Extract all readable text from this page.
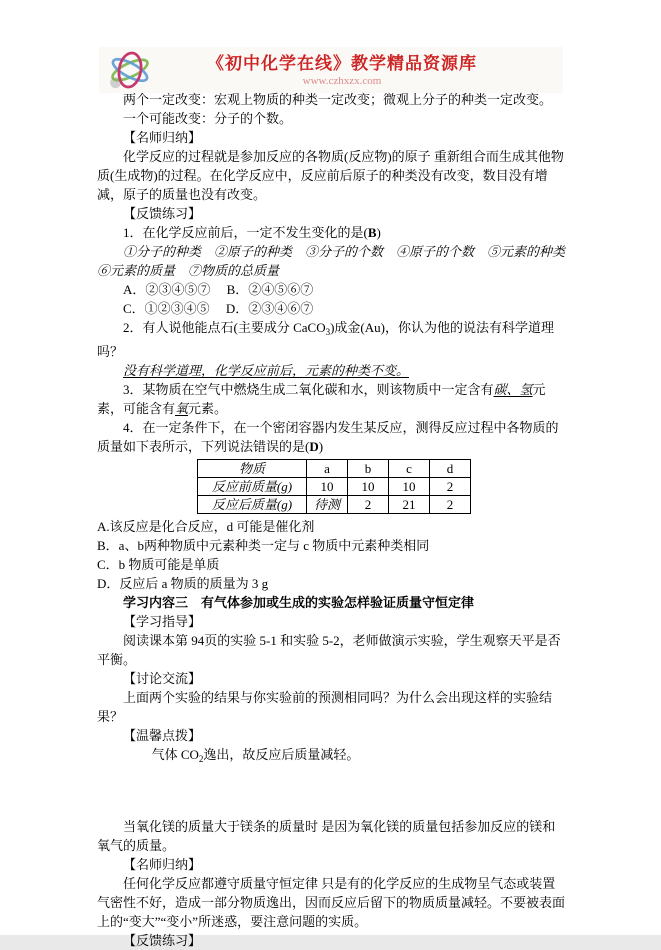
《初中化学在线》教学精品资源库
www.czhxzx.com

两个一定改变：宏观上物质的种类一定改变；微观上分子的种类一定改变。

一个可能改变：分子的个数。

【名师归纳】

化学反应的过程就是参加反应的各物质(反应物)的原子 重新组合而生成其他物质(生成物)的过程。在化学反应中，反应前后原子的种类没有改变，数目没有增减，原子的质量也没有改变。

【反馈练习】

1．在化学反应前后，一定不发生变化的是(B)

①分子的种类　②原子的种类　③分子的个数　④原子的个数　⑤元素的种类　⑥元素的质量　⑦物质的总质量

A．②③④⑤⑦　 B．②④⑤⑥⑦

C．①②③④⑤　 D．②③④⑥⑦

2．有人说他能点石(主要成分 CaCO$_3$)成金(Au)，你认为他的说法有科学道理吗？

没有科学道理，化学反应前后，元素的种类不变。

3．某物质在空气中燃烧生成二氧化碳和水，则该物质中一定含有碳、氢元素，可能含有氧元素。

4．在一定条件下，在一个密闭容器内发生某反应，测得反应过程中各物质的质量如下表所示，下列说法错误的是(D)

物质	a	b	c	d
反应前质量(g)	10	10	10	2
反应后质量(g)	待测	2	21	2

A.该反应是化合反应，d 可能是催化剂

B．a、b两种物质中元素种类一定与 c 物质中元素种类相同

C．b 物质可能是单质

D．反应后 a 物质的质量为 3 g

学习内容三　有气体参加或生成的实验怎样验证质量守恒定律

【学习指导】

阅读课本第 94页的实验 5-1 和实验 5-2，老师做演示实验，学生观察天平是否平衡。

【讨论交流】

上面两个实验的结果与你实验前的预测相同吗？为什么会出现这样的实验结果？

【温馨点拨】

气体 $CO_2$逸出，故反应后质量减轻。

当氧化镁的质量大于镁条的质量时 是因为氧化镁的质量包括参加反应的镁和氧气的质量。

【名师归纳】

任何化学反应都遵守质量守恒定律 只是有的化学反应的生成物呈气态或装置气密性不好，造成一部分物质逸出，因而反应后留下的物质质量减轻。不要被表面上的“变大”“变小”所迷惑，要注意问题的实质。

【反馈练习】
